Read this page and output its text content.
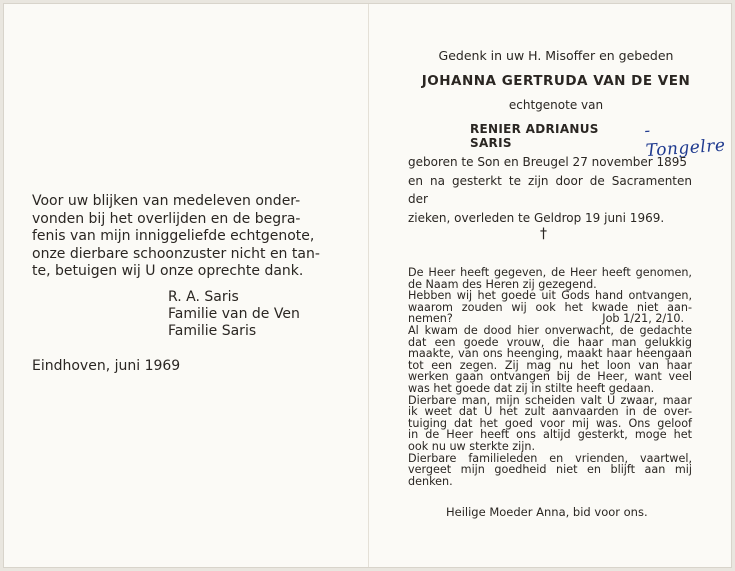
Voor uw blijken van medeleven onder-
vonden bij het overlijden en de begra-
fenis van mijn inniggeliefde echtgenote,
onze dierbare schoonzuster nicht en tan-
te, betuigen wij U onze oprechte dank.
R. A. Saris
Familie van de Ven
Familie Saris
Eindhoven, juni 1969
Gedenk in uw H. Misoffer en gebeden
JOHANNA GERTRUDA VAN DE VEN
echtgenote van
RENIER ADRIANUS SARIS
- Tongelre
geboren te Son en Breugel 27 november 1895
en na gesterkt te zijn door de Sacramenten der
zieken, overleden te Geldrop 19 juni 1969.
†
De Heer heeft gegeven, de Heer heeft genomen,
de Naam des Heren zij gezegend.
Hebben wij het goede uit Gods hand ontvangen,
waarom zouden wij ook het kwade niet aan-
nemen?	Job 1/21, 2/10.
Al kwam de dood hier onverwacht, de gedachte
dat een goede vrouw, die haar man gelukkig
maakte, van ons heenging, maakt haar heengaan
tot een zegen. Zij mag nu het loon van haar
werken gaan ontvangen bij de Heer, want veel
was het goede dat zij in stilte heeft gedaan.
Dierbare man, mijn scheiden valt U zwaar, maar
ik weet dat U het zult aanvaarden in de over-
tuiging dat het goed voor mij was. Ons geloof
in de Heer heeft ons altijd gesterkt, moge het
ook nu uw sterkte zijn.
Dierbare familieleden en vrienden, vaartwel,
vergeet mijn goedheid niet en blijft aan mij
denken.
Heilige Moeder Anna, bid voor ons.
